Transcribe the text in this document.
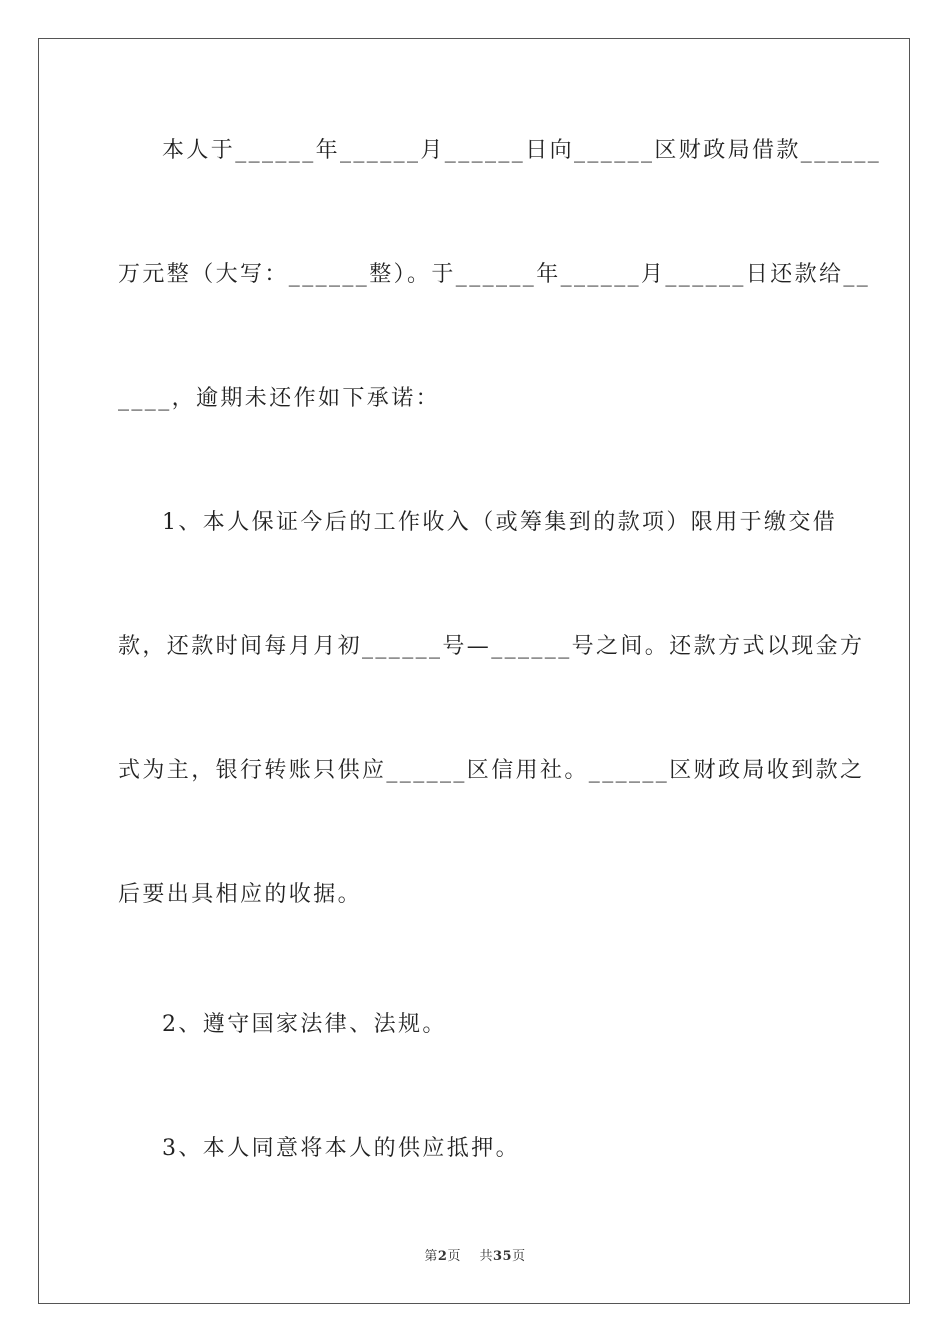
本人于______年______月______日向______区财政局借款______
万元整（大写：______整）。于______年______月______日还款给__
____，逾期未还作如下承诺：
1、本人保证今后的工作收入（或筹集到的款项）限用于缴交借
款，还款时间每月月初______号—______号之间。还款方式以现金方
式为主，银行转账只供应______区信用社。______区财政局收到款之
后要出具相应的收据。
2、遵守国家法律、法规。
3、本人同意将本人的供应抵押。
第2页 共35页
